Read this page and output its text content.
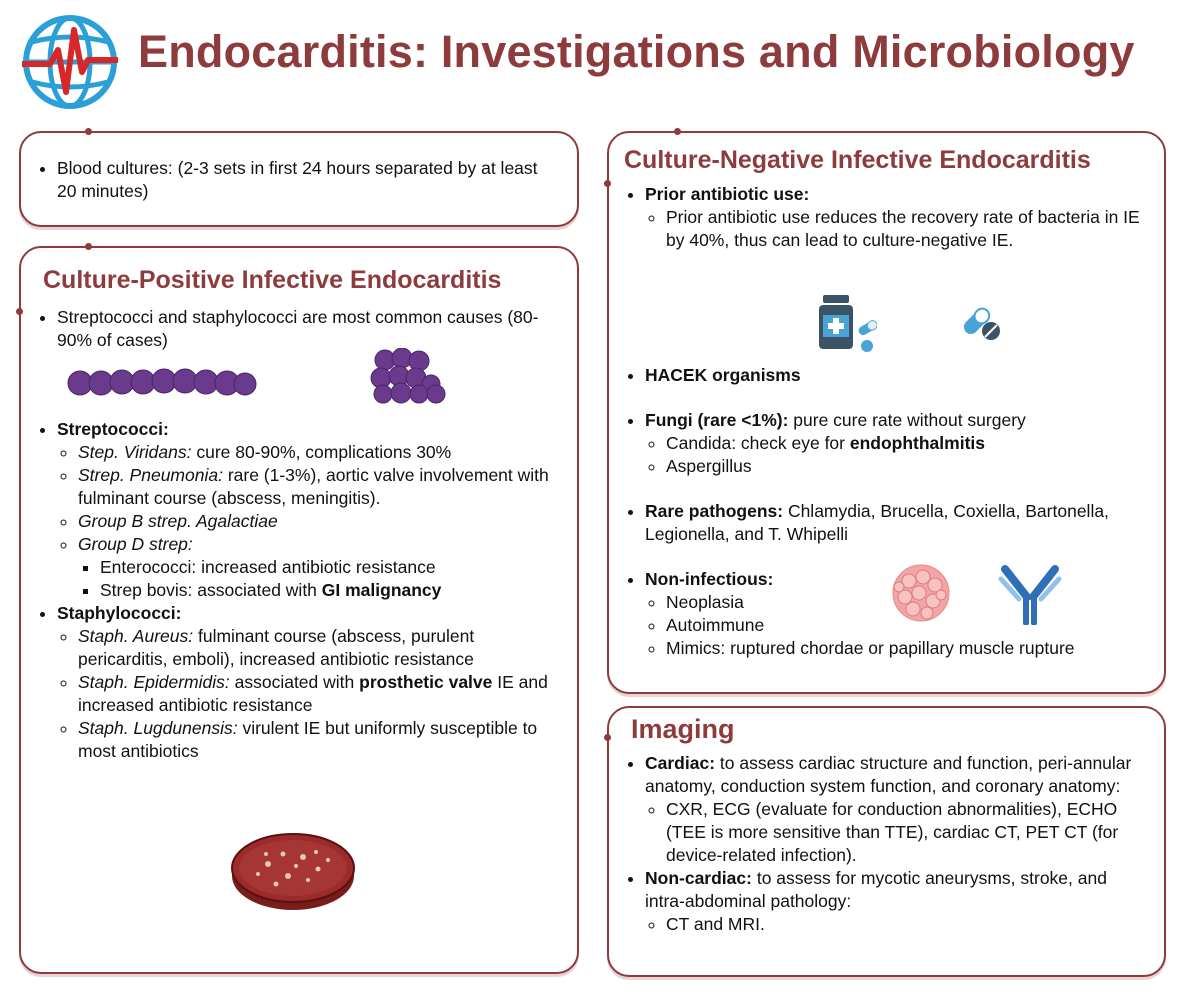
Endocarditis: Investigations and Microbiology
• Blood cultures: (2-3 sets in first 24 hours separated by at least 20 minutes)
Culture-Positive Infective Endocarditis
• Streptococci and staphylococci are most common causes (80-90% of cases)
• Streptococci:
◦ Step. Viridans: cure 80-90%, complications 30%
◦ Strep. Pneumonia: rare (1-3%), aortic valve involvement with fulminant course (abscess, meningitis).
◦ Group B strep. Agalactiae
◦ Group D strep:
▪ Enterococci: increased antibiotic resistance
▪ Strep bovis: associated with GI malignancy
• Staphylococci:
◦ Staph. Aureus: fulminant course (abscess, purulent pericarditis, emboli), increased antibiotic resistance
◦ Staph. Epidermidis: associated with prosthetic valve IE and increased antibiotic resistance
◦ Staph. Lugdunensis: virulent IE but uniformly susceptible to most antibiotics
Culture-Negative Infective Endocarditis
• Prior antibiotic use:
◦ Prior antibiotic use reduces the recovery rate of bacteria in IE by 40%, thus can lead to culture-negative IE.
• HACEK organisms
• Fungi (rare <1%): pure cure rate without surgery
◦ Candida: check eye for endophthalmitis
◦ Aspergillus
• Rare pathogens: Chlamydia, Brucella, Coxiella, Bartonella, Legionella, and T. Whipelli
• Non-infectious:
◦ Neoplasia
◦ Autoimmune
◦ Mimics: ruptured chordae or papillary muscle rupture
Imaging
• Cardiac: to assess cardiac structure and function, peri-annular anatomy, conduction system function, and coronary anatomy:
◦ CXR, ECG (evaluate for conduction abnormalities), ECHO (TEE is more sensitive than TTE), cardiac CT, PET CT (for device-related infection).
• Non-cardiac: to assess for mycotic aneurysms, stroke, and intra-abdominal pathology:
◦ CT and MRI.
